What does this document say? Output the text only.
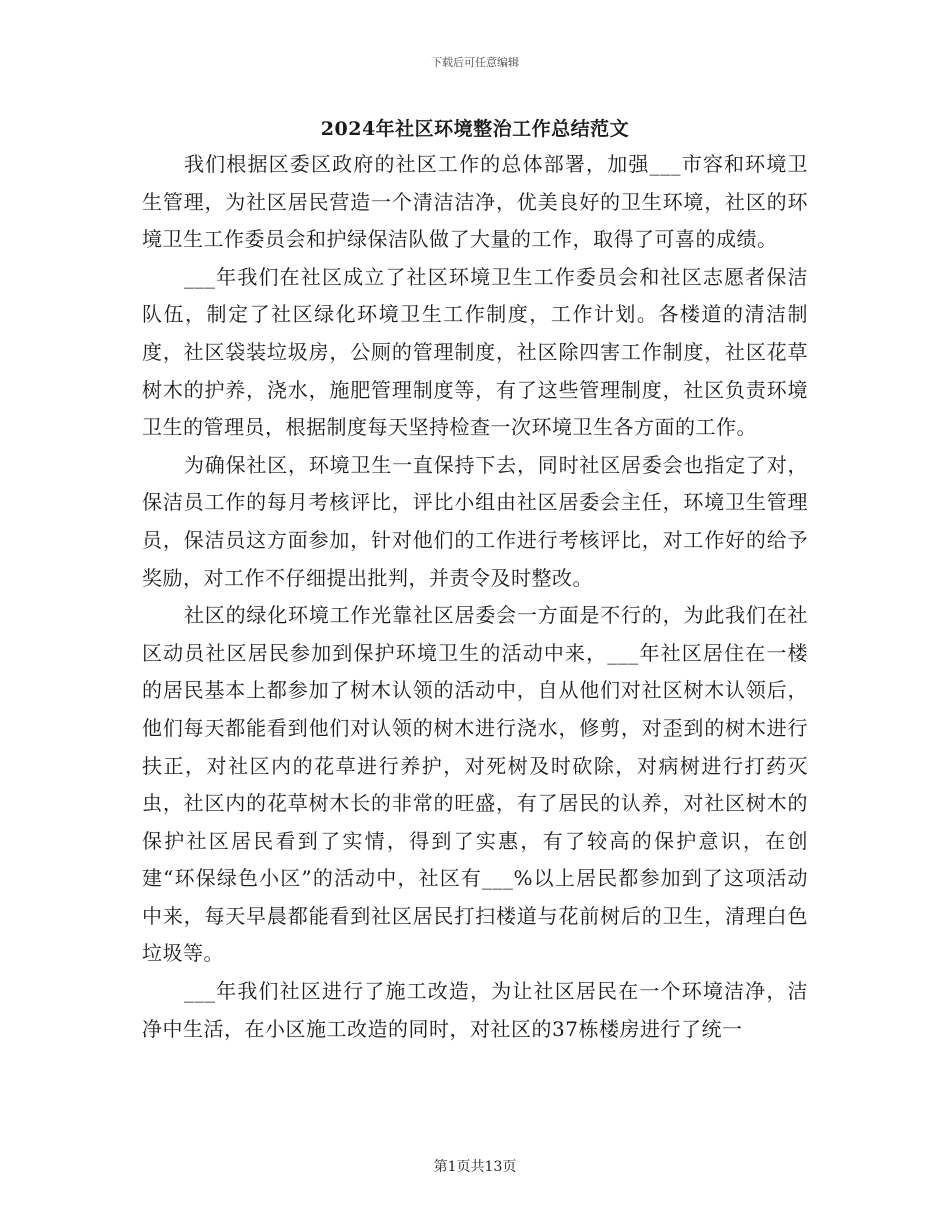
下载后可任意编辑
2024年社区环境整治工作总结范文

我们根据区委区政府的社区工作的总体部署，加强___市容和环境卫生管理，为社区居民营造一个清洁洁净，优美良好的卫生环境，社区的环境卫生工作委员会和护绿保洁队做了大量的工作，取得了可喜的成绩。

___年我们在社区成立了社区环境卫生工作委员会和社区志愿者保洁队伍，制定了社区绿化环境卫生工作制度，工作计划。各楼道的清洁制度，社区袋装垃圾房，公厕的管理制度，社区除四害工作制度，社区花草树木的护养，浇水，施肥管理制度等，有了这些管理制度，社区负责环境卫生的管理员，根据制度每天坚持检查一次环境卫生各方面的工作。

为确保社区，环境卫生一直保持下去，同时社区居委会也指定了对，保洁员工作的每月考核评比，评比小组由社区居委会主任，环境卫生管理员，保洁员这方面参加，针对他们的工作进行考核评比，对工作好的给予奖励，对工作不仔细提出批判，并责令及时整改。

社区的绿化环境工作光靠社区居委会一方面是不行的，为此我们在社区动员社区居民参加到保护环境卫生的活动中来，___年社区居住在一楼的居民基本上都参加了树木认领的活动中，自从他们对社区树木认领后，他们每天都能看到他们对认领的树木进行浇水，修剪，对歪到的树木进行扶正，对社区内的花草进行养护，对死树及时砍除，对病树进行打药灭虫，社区内的花草树木长的非常的旺盛，有了居民的认养，对社区树木的保护社区居民看到了实情，得到了实惠，有了较高的保护意识，在创建“环保绿色小区”的活动中，社区有___%以上居民都参加到了这项活动中来，每天早晨都能看到社区居民打扫楼道与花前树后的卫生，清理白色垃圾等。

___年我们社区进行了施工改造，为让社区居民在一个环境洁净，洁净中生活，在小区施工改造的同时，对社区的37栋楼房进行了统一

第1页共13页
